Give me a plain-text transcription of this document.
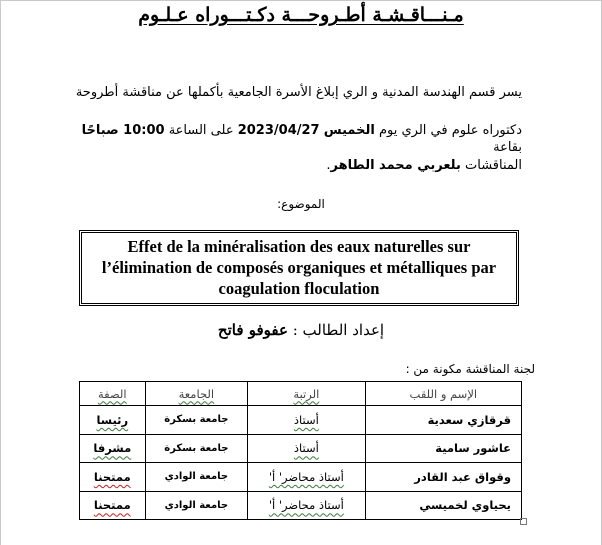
مـنـــاقـشـة أطـروحـــة دكـتـــوراه عـلـوم
يسر قسم الهندسة المدنية و الري إبلاغ الأسرة الجامعية بأكملها عن مناقشة أطروحة
دكتوراه علوم في الري يوم الخميس 2023/04/27 على الساعة 10:00 صباحًا بقاعة
المناقشات بلعربي محمد الطاهر.
الموضوع:
Effet de la minéralisation des eaux naturelles sur l’élimination de composés organiques et métalliques par coagulation floculation
إعداد الطالب : عفوفو فاتح
لجنة المناقشة مكونة من :
الإسم و اللقب	الرتبة	الجامعة	الصفة
قرقازي سعدية	أستاذ	جامعة بسكرة	رئيسا
عاشور سامية	أستاذ	جامعة بسكرة	مشرفا
وقواق عبد القادر	أستاذ محاضر' أ'	جامعة الوادي	ممتحنا
يحياوي لخميسي	أستاذ محاضر' أ'	جامعة الوادي	ممتحنا
